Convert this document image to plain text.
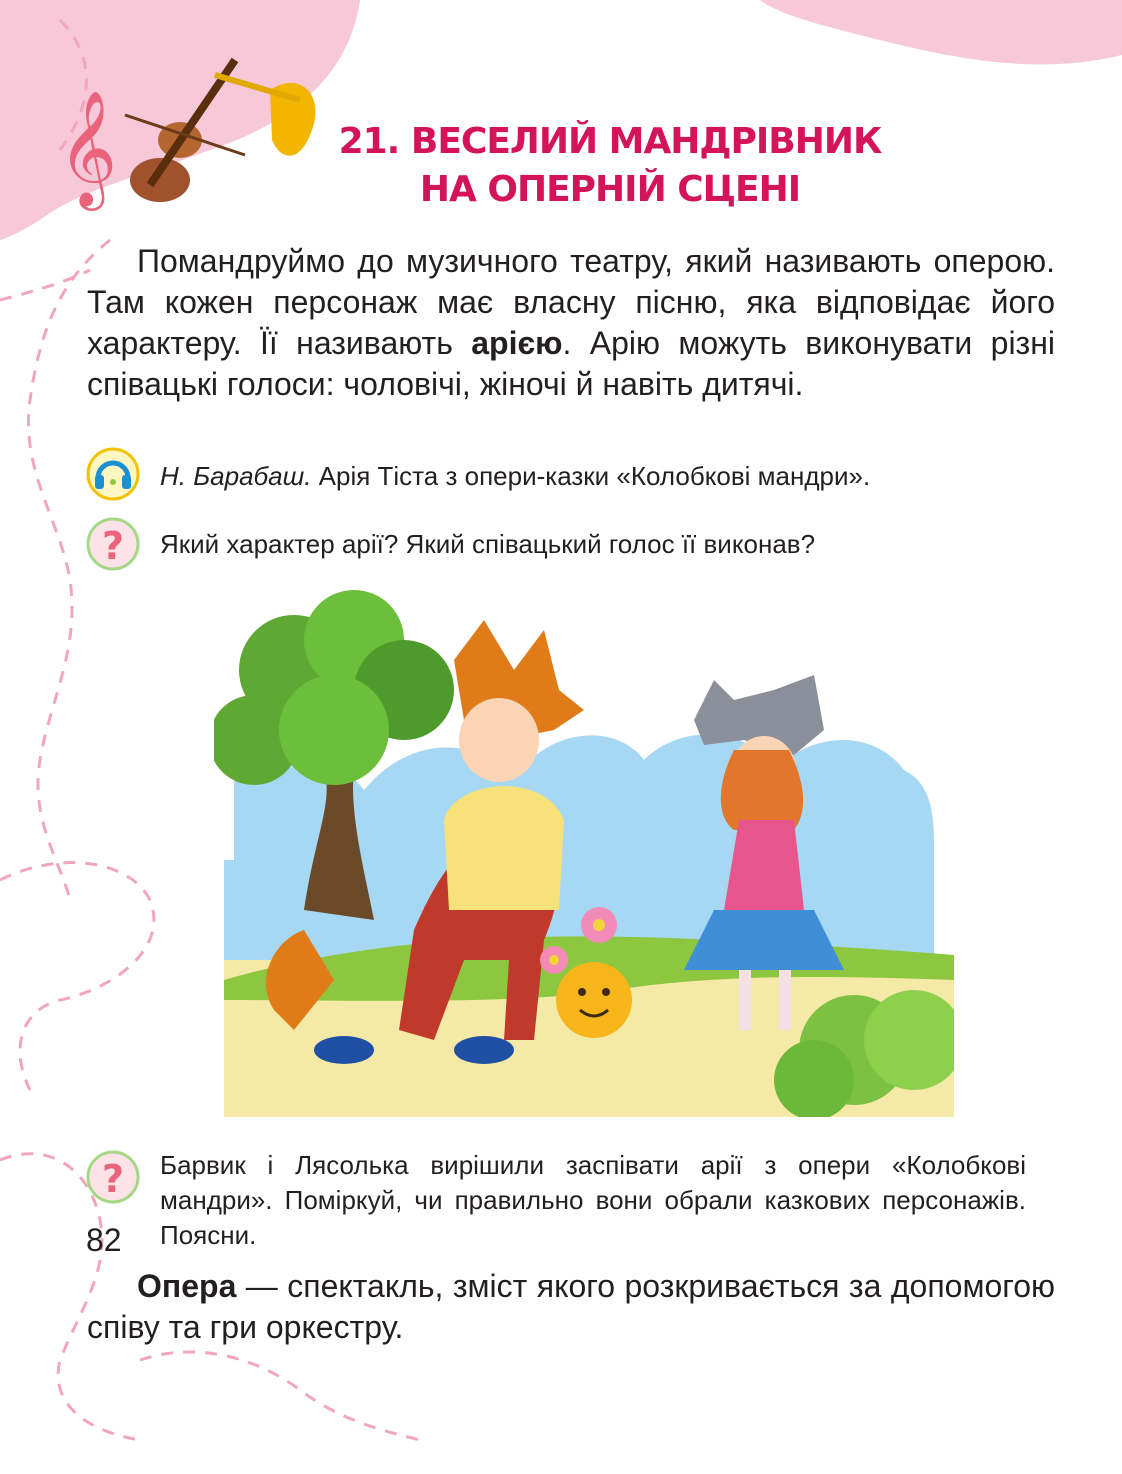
𝄞	21. ВЕСЕЛИЙ МАНДРІВНИК
НА ОПЕРНІЙ СЦЕНІ
Помандруймо до музичного театру, який називають оперою. Там кожен персонаж має власну пісню, яка відповідає його характеру. Її називають арією. Арію можуть виконувати різні співацькі голоси: чоловічі, жіночі й навіть дитячі.
Н. Барабаш. Арія Тіста з опери-казки «Колобкові мандри».
? Який характер арії? Який співацький голос її виконав?
? Барвик і Лясолька вирішили заспівати арії з опери «Колобкові мандри». Поміркуй, чи правильно вони обрали казкових персонажів. Поясни.
Опера — спектакль, зміст якого розкривається за допомогою співу та гри оркестру.
82
